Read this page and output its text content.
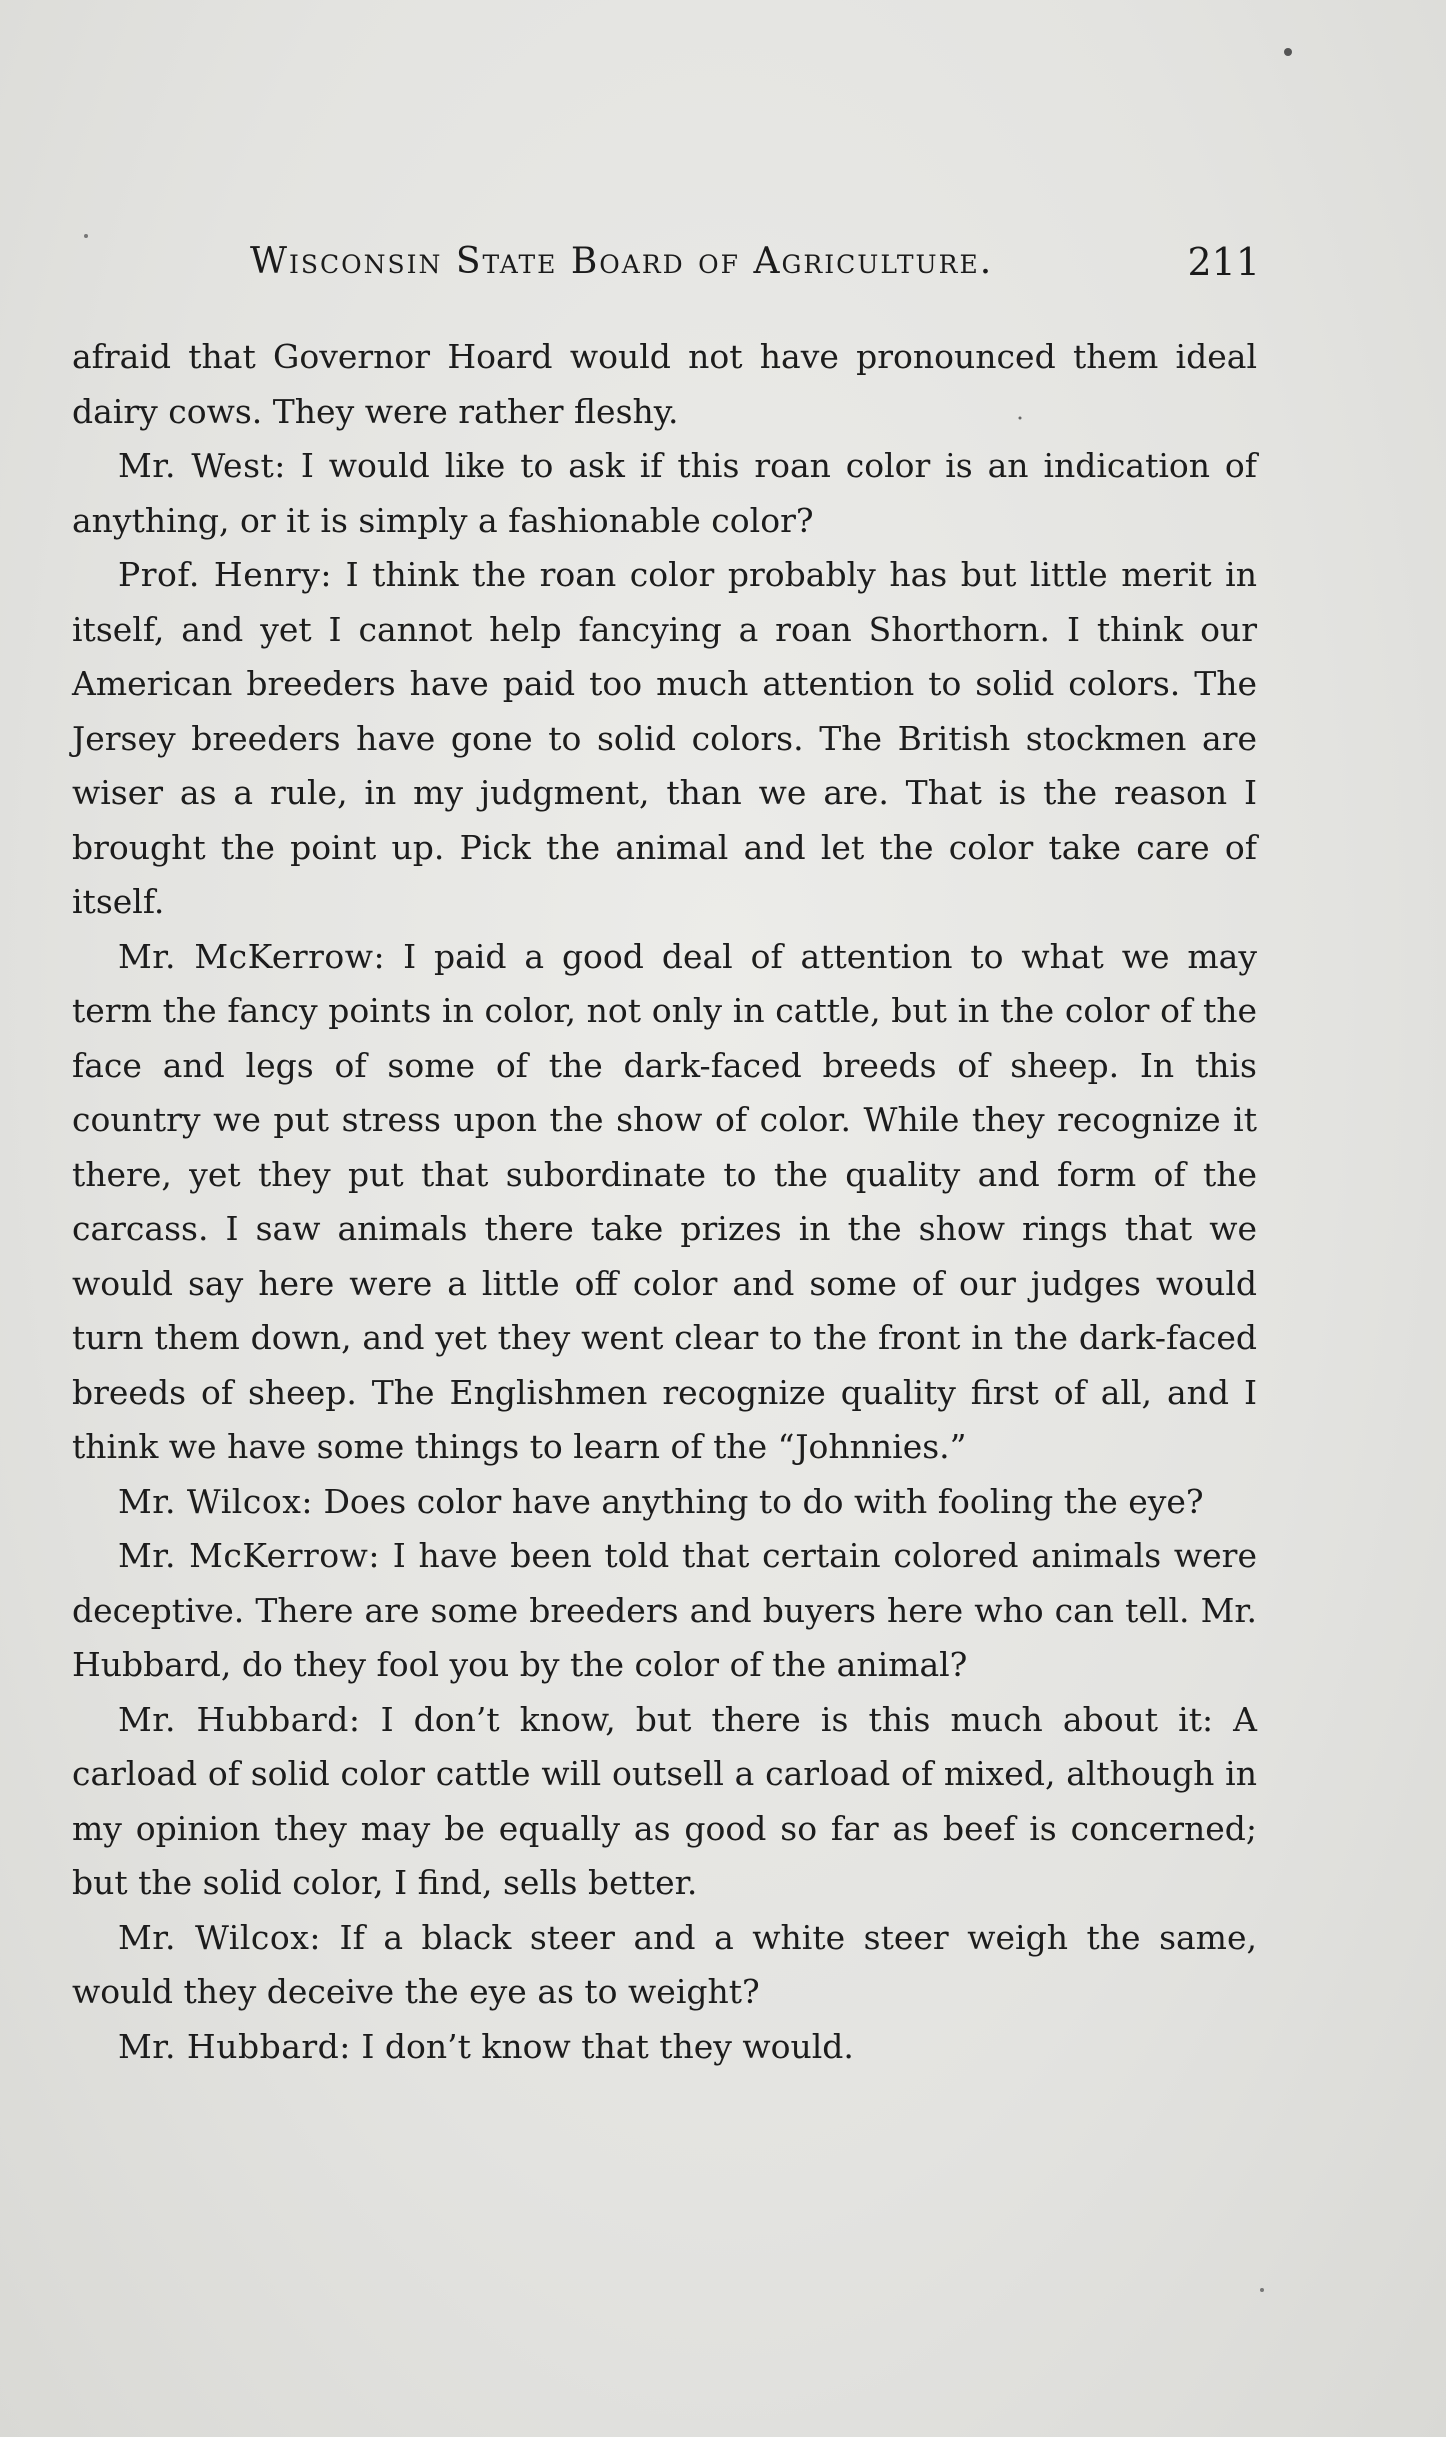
Wisconsin State Board of Agriculture.	211

afraid that Governor Hoard would not have pronounced them ideal dairy cows. They were rather fleshy.

Mr. West: I would like to ask if this roan color is an indication of anything, or it is simply a fashionable color?

Prof. Henry: I think the roan color probably has but little merit in itself, and yet I cannot help fancying a roan Shorthorn. I think our American breeders have paid too much attention to solid colors. The Jersey breeders have gone to solid colors. The British stockmen are wiser as a rule, in my judgment, than we are. That is the reason I brought the point up. Pick the animal and let the color take care of itself.

Mr. McKerrow: I paid a good deal of attention to what we may term the fancy points in color, not only in cattle, but in the color of the face and legs of some of the dark-faced breeds of sheep. In this country we put stress upon the show of color. While they recognize it there, yet they put that subordinate to the quality and form of the carcass. I saw animals there take prizes in the show rings that we would say here were a little off color and some of our judges would turn them down, and yet they went clear to the front in the dark-faced breeds of sheep. The Englishmen recognize quality first of all, and I think we have some things to learn of the “Johnnies.”

Mr. Wilcox: Does color have anything to do with fooling the eye?

Mr. McKerrow: I have been told that certain colored animals were deceptive. There are some breeders and buyers here who can tell. Mr. Hubbard, do they fool you by the color of the animal?

Mr. Hubbard: I don’t know, but there is this much about it: A carload of solid color cattle will outsell a carload of mixed, although in my opinion they may be equally as good so far as beef is concerned; but the solid color, I find, sells better.

Mr. Wilcox: If a black steer and a white steer weigh the same, would they deceive the eye as to weight?

Mr. Hubbard: I don’t know that they would.
